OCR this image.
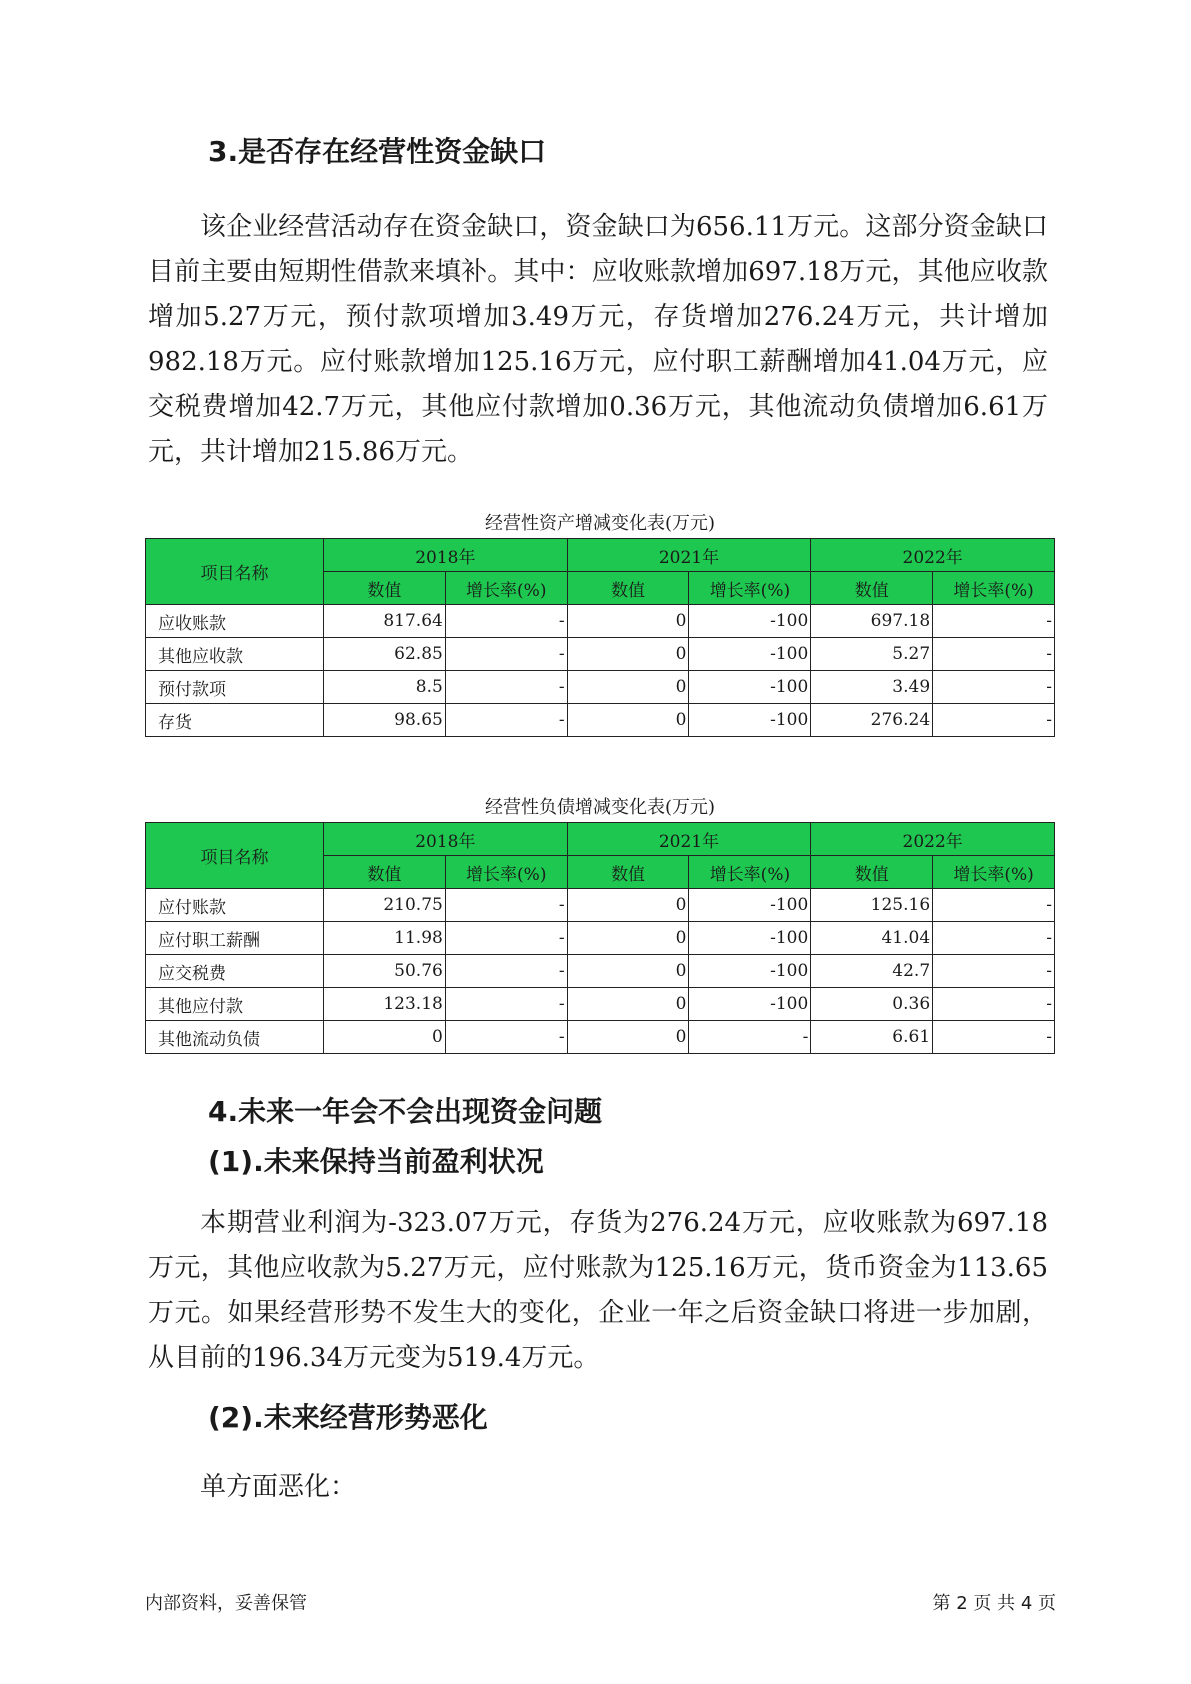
3.是否存在经营性资金缺口
该企业经营活动存在资金缺口，资金缺口为656.11万元。这部分资金缺口目前主要由短期性借款来填补。其中：应收账款增加697.18万元，其他应收款增加5.27万元，预付款项增加3.49万元，存货增加276.24万元，共计增加982.18万元。应付账款增加125.16万元，应付职工薪酬增加41.04万元，应交税费增加42.7万元，其他应付款增加0.36万元，其他流动负债增加6.61万元，共计增加215.86万元。
经营性资产增减变化表(万元)
项目名称	2018年		2021年		2022年	
	数值	增长率(%)	数值	增长率(%)	数值	增长率(%)
应收账款	817.64	-	0	-100	697.18	-
其他应收款	62.85	-	0	-100	5.27	-
预付款项	8.5	-	0	-100	3.49	-
存货	98.65	-	0	-100	276.24	-
经营性负债增减变化表(万元)
项目名称	2018年		2021年		2022年	
	数值	增长率(%)	数值	增长率(%)	数值	增长率(%)
应付账款	210.75	-	0	-100	125.16	-
应付职工薪酬	11.98	-	0	-100	41.04	-
应交税费	50.76	-	0	-100	42.7	-
其他应付款	123.18	-	0	-100	0.36	-
其他流动负债	0	-	0	-	6.61	-
4.未来一年会不会出现资金问题
(1).未来保持当前盈利状况
本期营业利润为-323.07万元，存货为276.24万元，应收账款为697.18万元，其他应收款为5.27万元，应付账款为125.16万元，货币资金为113.65万元。如果经营形势不发生大的变化，企业一年之后资金缺口将进一步加剧，从目前的196.34万元变为519.4万元。
(2).未来经营形势恶化
单方面恶化：
内部资料，妥善保管	第 2 页 共 4 页
